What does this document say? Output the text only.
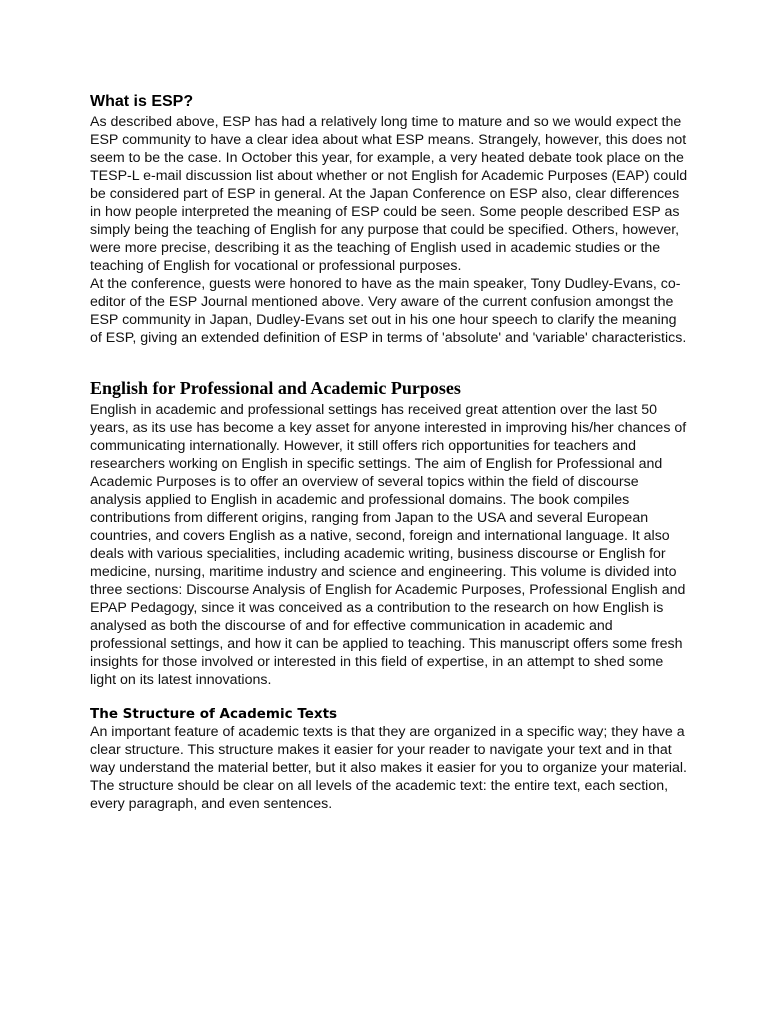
What is ESP?

As described above, ESP has had a relatively long time to mature and so we would expect the ESP community to have a clear idea about what ESP means. Strangely, however, this does not seem to be the case. In October this year, for example, a very heated debate took place on the TESP-L e-mail discussion list about whether or not English for Academic Purposes (EAP) could be considered part of ESP in general. At the Japan Conference on ESP also, clear differences in how people interpreted the meaning of ESP could be seen. Some people described ESP as simply being the teaching of English for any purpose that could be specified. Others, however, were more precise, describing it as the teaching of English used in academic studies or the teaching of English for vocational or professional purposes.

At the conference, guests were honored to have as the main speaker, Tony Dudley-Evans, co-editor of the ESP Journal mentioned above. Very aware of the current confusion amongst the ESP community in Japan, Dudley-Evans set out in his one hour speech to clarify the meaning of ESP, giving an extended definition of ESP in terms of 'absolute' and 'variable' characteristics.

English for Professional and Academic Purposes

English in academic and professional settings has received great attention over the last 50 years, as its use has become a key asset for anyone interested in improving his/her chances of communicating internationally. However, it still offers rich opportunities for teachers and researchers working on English in specific settings. The aim of English for Professional and Academic Purposes is to offer an overview of several topics within the field of discourse analysis applied to English in academic and professional domains. The book compiles contributions from different origins, ranging from Japan to the USA and several European countries, and covers English as a native, second, foreign and international language. It also deals with various specialities, including academic writing, business discourse or English for medicine, nursing, maritime industry and science and engineering. This volume is divided into three sections: Discourse Analysis of English for Academic Purposes, Professional English and EPAP Pedagogy, since it was conceived as a contribution to the research on how English is analysed as both the discourse of and for effective communication in academic and professional settings, and how it can be applied to teaching. This manuscript offers some fresh insights for those involved or interested in this field of expertise, in an attempt to shed some light on its latest innovations.

The Structure of Academic Texts

An important feature of academic texts is that they are organized in a specific way; they have a clear structure. This structure makes it easier for your reader to navigate your text and in that way understand the material better, but it also makes it easier for you to organize your material. The structure should be clear on all levels of the academic text: the entire text, each section, every paragraph, and even sentences.
